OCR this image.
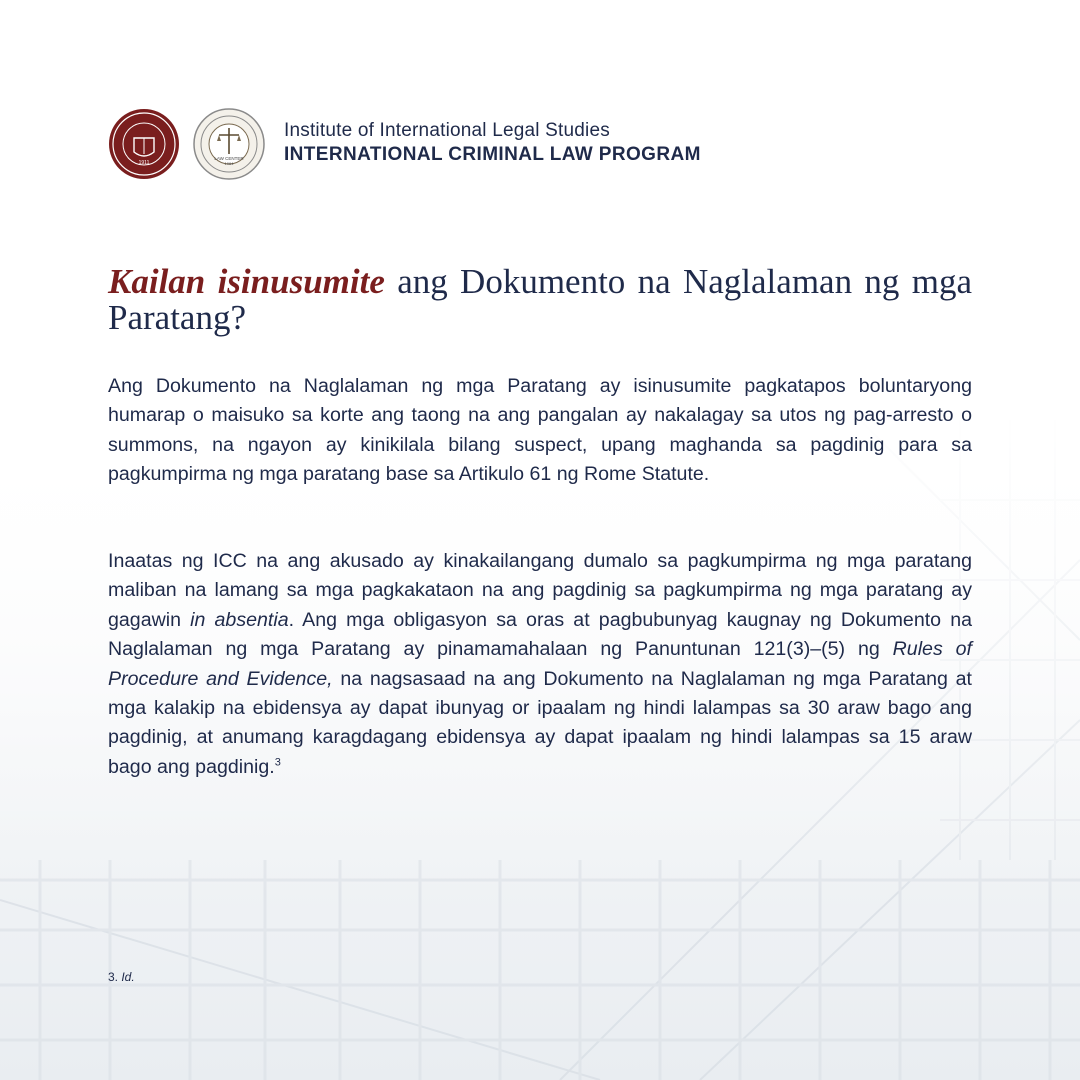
1911
LAW CENTER
1964
Institute of International Legal Studies
INTERNATIONAL CRIMINAL LAW PROGRAM
Kailan isinusumite ang Dokumento na Naglalaman ng mga Paratang?

Ang Dokumento na Naglalaman ng mga Paratang ay isinusumite pagkatapos boluntaryong humarap o maisuko sa korte ang taong na ang pangalan ay nakalagay sa utos ng pag-arresto o summons, na ngayon ay kinikilala bilang suspect, upang maghanda sa pagdinig para sa pagkumpirma ng mga paratang base sa Artikulo 61 ng Rome Statute.

Inaatas ng ICC na ang akusado ay kinakailangang dumalo sa pagkumpirma ng mga paratang maliban na lamang sa mga pagkakataon na ang pagdinig sa pagkumpirma ng mga paratang ay gagawin in absentia. Ang mga obligasyon sa oras at pagbubunyag kaugnay ng Dokumento na Naglalaman ng mga Paratang ay pinamamahalaan ng Panuntunan 121(3)–(5) ng Rules of Procedure and Evidence, na nagsasaad na ang Dokumento na Naglalaman ng mga Paratang at mga kalakip na ebidensya ay dapat ibunyag or ipaalam ng hindi lalampas sa 30 araw bago ang pagdinig, at anumang karagdagang ebidensya ay dapat ipaalam ng hindi lalampas sa 15 araw bago ang pagdinig.$^3$

3. Id.
